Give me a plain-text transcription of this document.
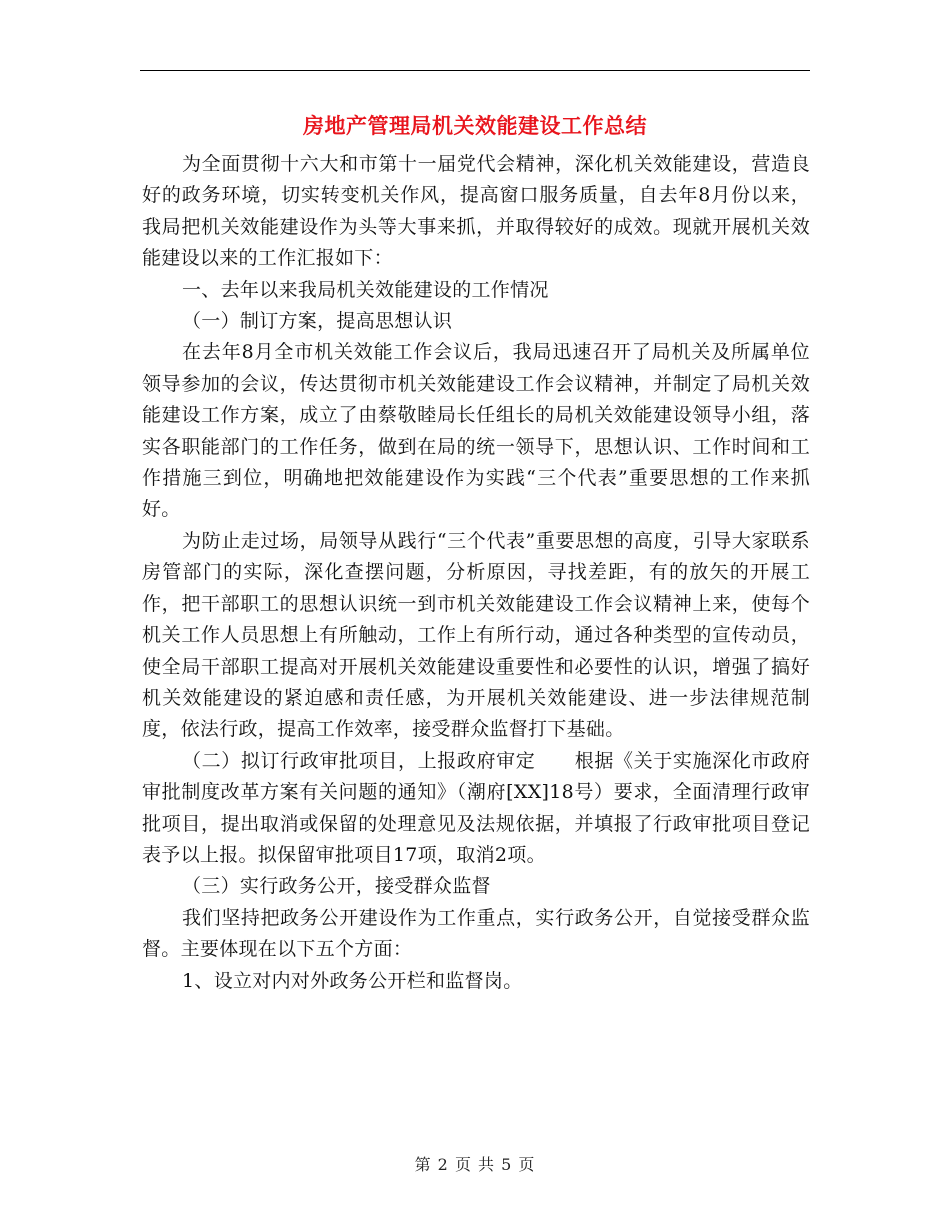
房地产管理局机关效能建设工作总结

为全面贯彻十六大和市第十一届党代会精神，深化机关效能建设，营造良好的政务环境，切实转变机关作风，提高窗口服务质量，自去年8月份以来，我局把机关效能建设作为头等大事来抓，并取得较好的成效。现就开展机关效能建设以来的工作汇报如下：

一、去年以来我局机关效能建设的工作情况

（一）制订方案，提高思想认识

在去年8月全市机关效能工作会议后，我局迅速召开了局机关及所属单位领导参加的会议，传达贯彻市机关效能建设工作会议精神，并制定了局机关效能建设工作方案，成立了由蔡敬睦局长任组长的局机关效能建设领导小组，落实各职能部门的工作任务，做到在局的统一领导下，思想认识、工作时间和工作措施三到位，明确地把效能建设作为实践“三个代表”重要思想的工作来抓好。

为防止走过场，局领导从践行“三个代表”重要思想的高度，引导大家联系房管部门的实际，深化查摆问题，分析原因，寻找差距，有的放矢的开展工作，把干部职工的思想认识统一到市机关效能建设工作会议精神上来，使每个机关工作人员思想上有所触动，工作上有所行动，通过各种类型的宣传动员，使全局干部职工提高对开展机关效能建设重要性和必要性的认识，增强了搞好机关效能建设的紧迫感和责任感，为开展机关效能建设、进一步法律规范制度，依法行政，提高工作效率，接受群众监督打下基础。

（二）拟订行政审批项目，上报政府审定　　根据《关于实施深化市政府审批制度改革方案有关问题的通知》（潮府[XX]18号）要求，全面清理行政审批项目，提出取消或保留的处理意见及法规依据，并填报了行政审批项目登记表予以上报。拟保留审批项目17项，取消2项。

（三）实行政务公开，接受群众监督

我们坚持把政务公开建设作为工作重点，实行政务公开，自觉接受群众监督。主要体现在以下五个方面：

1、设立对内对外政务公开栏和监督岗。

第 2 页 共 5 页
